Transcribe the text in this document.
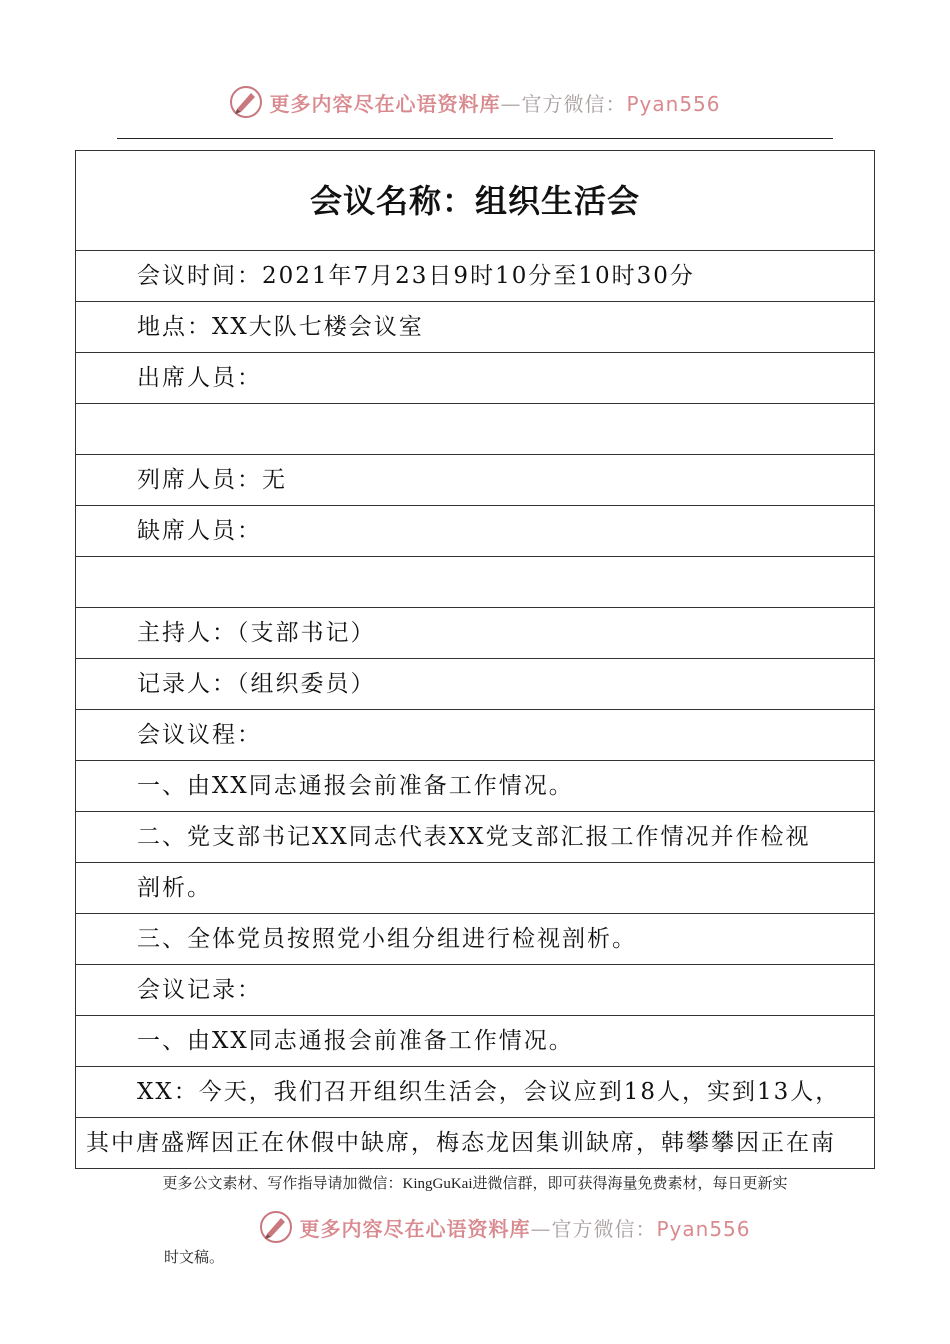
更多内容尽在心语资料库—官方微信：Pyan556
会议名称：组织生活会
会议时间：2021年7月23日9时10分至10时30分
地点：XX大队七楼会议室
出席人员：

列席人员：无
缺席人员：

主持人：（支部书记）
记录人：（组织委员）
会议议程：
一、由XX同志通报会前准备工作情况。
二、党支部书记XX同志代表XX党支部汇报工作情况并作检视
剖析。
三、全体党员按照党小组分组进行检视剖析。
会议记录：
一、由XX同志通报会前准备工作情况。
XX：今天，我们召开组织生活会，会议应到18人，实到13人，
其中唐盛辉因正在休假中缺席，梅态龙因集训缺席，韩攀攀因正在南
更多公文素材、写作指导请加微信：KingGuKai进微信群，即可获得海量免费素材，每日更新实
更多内容尽在心语资料库—官方微信：Pyan556
时文稿。
